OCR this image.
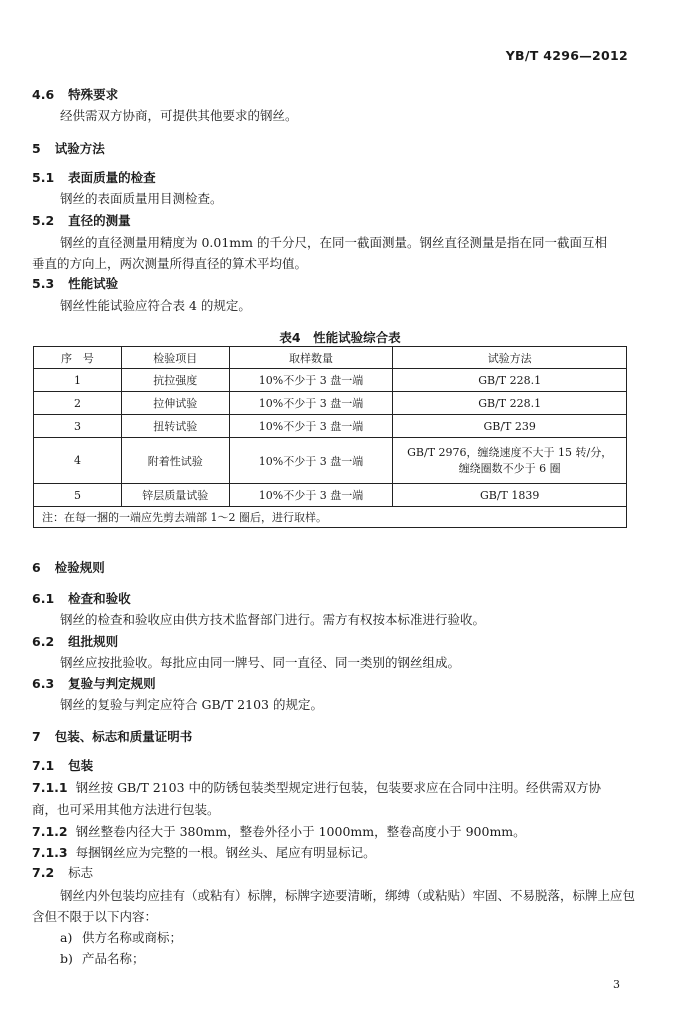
YB/T 4296—2012
4.6 特殊要求
经供需双方协商，可提供其他要求的钢丝。
5 试验方法
5.1 表面质量的检查
钢丝的表面质量用目测检查。
5.2 直径的测量
钢丝的直径测量用精度为 0.01mm 的千分尺，在同一截面测量。钢丝直径测量是指在同一截面互相
垂直的方向上，两次测量所得直径的算术平均值。
5.3 性能试验
钢丝性能试验应符合表 4 的规定。
表4　性能试验综合表
序　号	检验项目	取样数量	试验方法
1	抗拉强度	10%不少于 3 盘一端	GB/T 228.1
2	拉伸试验	10%不少于 3 盘一端	GB/T 228.1
3	扭转试验	10%不少于 3 盘一端	GB/T 239
4	附着性试验	10%不少于 3 盘一端	GB/T 2976，缠绕速度不大于 15 转/分，
缠绕圈数不少于 6 圈

5	锌层质量试验	10%不少于 3 盘一端	GB/T 1839
注：在每一捆的一端应先剪去端部 1～2 圈后，进行取样。			
6 检验规则
6.1 检查和验收
钢丝的检查和验收应由供方技术监督部门进行。需方有权按本标准进行验收。
6.2 组批规则
钢丝应按批验收。每批应由同一牌号、同一直径、同一类别的钢丝组成。
6.3 复验与判定规则
钢丝的复验与判定应符合 GB/T 2103 的规定。
7 包装、标志和质量证明书
7.1 包装
7.1.1 钢丝按 GB/T 2103 中的防锈包装类型规定进行包装，包装要求应在合同中注明。经供需双方协
商，也可采用其他方法进行包装。
7.1.2 钢丝整卷内径大于 380mm，整卷外径小于 1000mm，整卷高度小于 900mm。
7.1.3 每捆钢丝应为完整的一根。钢丝头、尾应有明显标记。
7.2 标志
钢丝内外包装均应挂有（或粘有）标牌，标牌字迹要清晰，绑缚（或粘贴）牢固、不易脱落，标牌上应包
含但不限于以下内容：
a) 供方名称或商标；
b) 产品名称；
3
